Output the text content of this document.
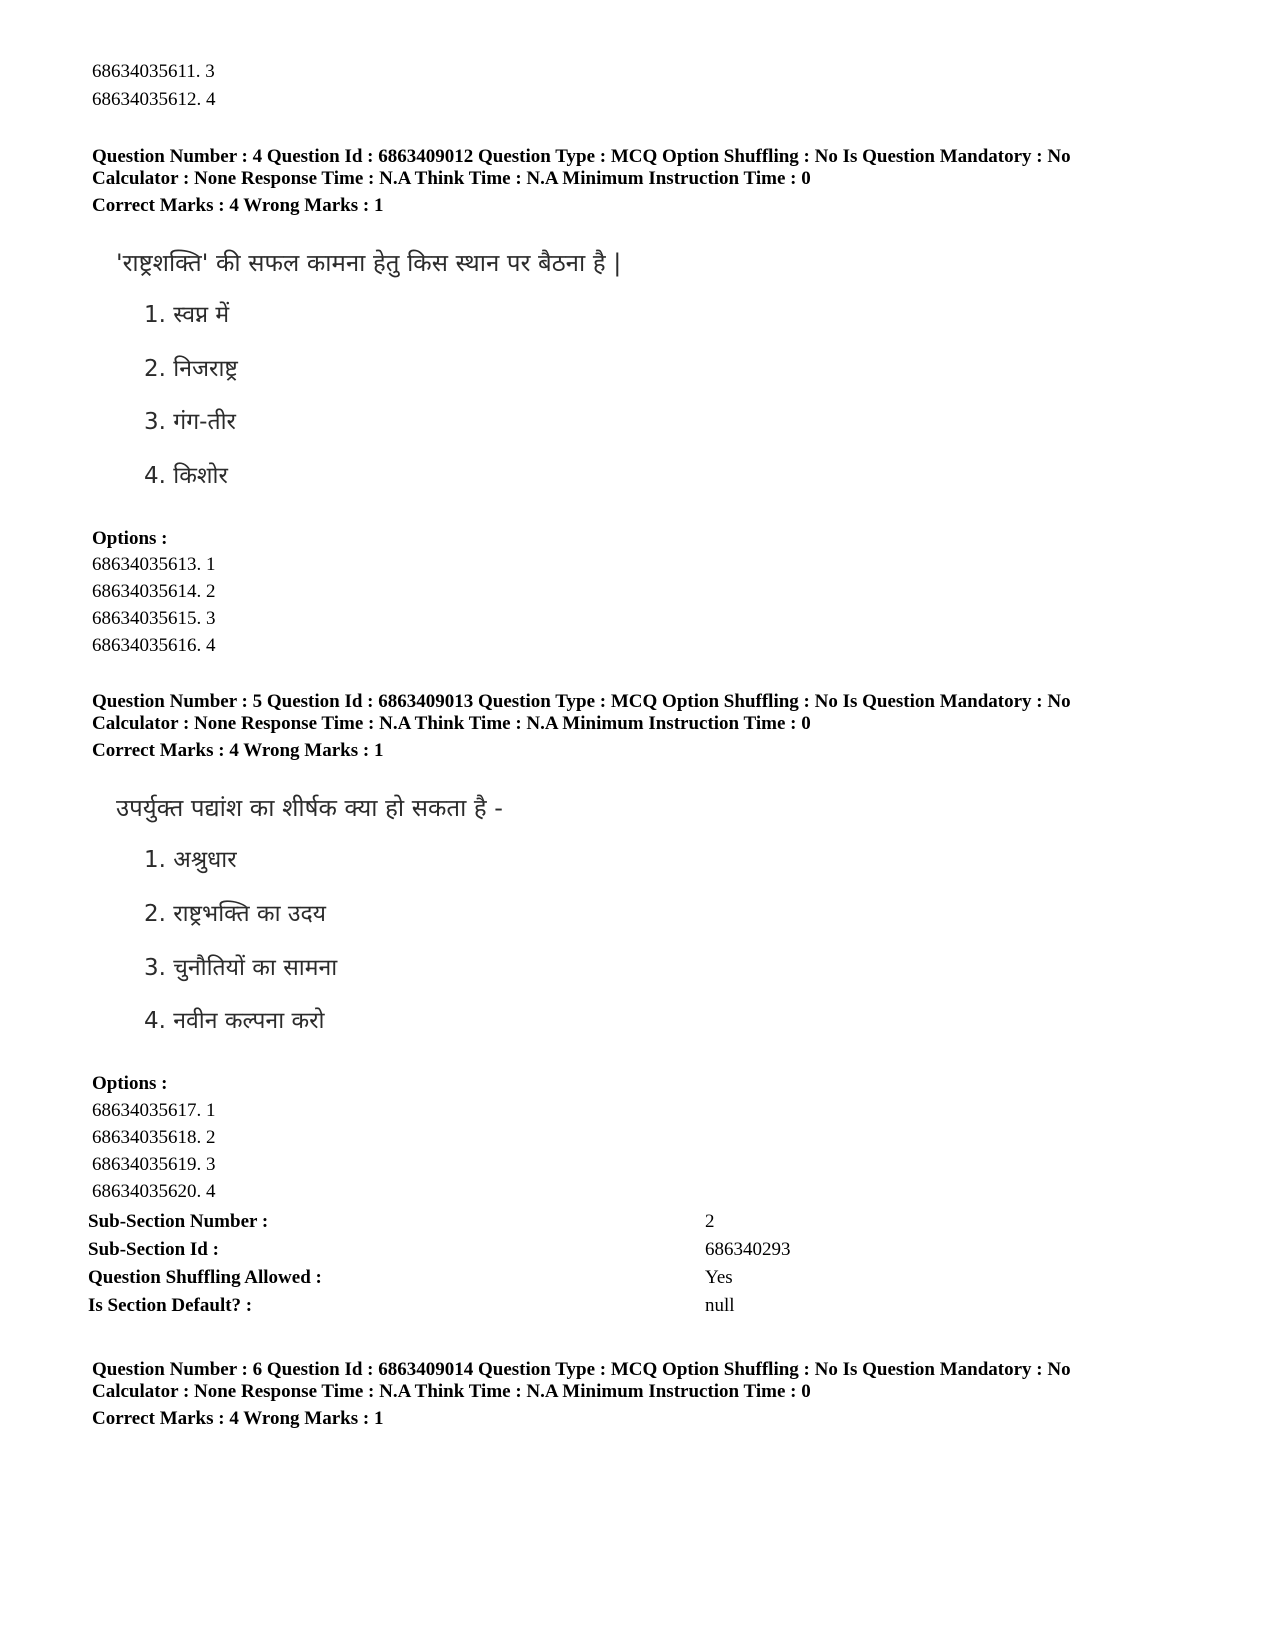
68634035611. 3
68634035612. 4
Question Number : 4 Question Id : 6863409012 Question Type : MCQ Option Shuffling : No Is Question Mandatory : No
Calculator : None Response Time : N.A Think Time : N.A Minimum Instruction Time : 0
Correct Marks : 4 Wrong Marks : 1
'राष्ट्रशक्ति' की सफल कामना हेतु किस स्थान पर बैठना है |
1. स्वप्न में
2. निजराष्ट्र
3. गंग-तीर
4. किशोर
Options :
68634035613. 1
68634035614. 2
68634035615. 3
68634035616. 4
Question Number : 5 Question Id : 6863409013 Question Type : MCQ Option Shuffling : No Is Question Mandatory : No
Calculator : None Response Time : N.A Think Time : N.A Minimum Instruction Time : 0
Correct Marks : 4 Wrong Marks : 1
उपर्युक्त पद्यांश का शीर्षक क्या हो सकता है -
1. अश्रुधार
2. राष्ट्रभक्ति का उदय
3. चुनौतियों का सामना
4. नवीन कल्पना करो
Options :
68634035617. 1
68634035618. 2
68634035619. 3
68634035620. 4
Sub-Section Number :	2
Sub-Section Id :	686340293
Question Shuffling Allowed :	Yes
Is Section Default? :	null
Question Number : 6 Question Id : 6863409014 Question Type : MCQ Option Shuffling : No Is Question Mandatory : No
Calculator : None Response Time : N.A Think Time : N.A Minimum Instruction Time : 0
Correct Marks : 4 Wrong Marks : 1
